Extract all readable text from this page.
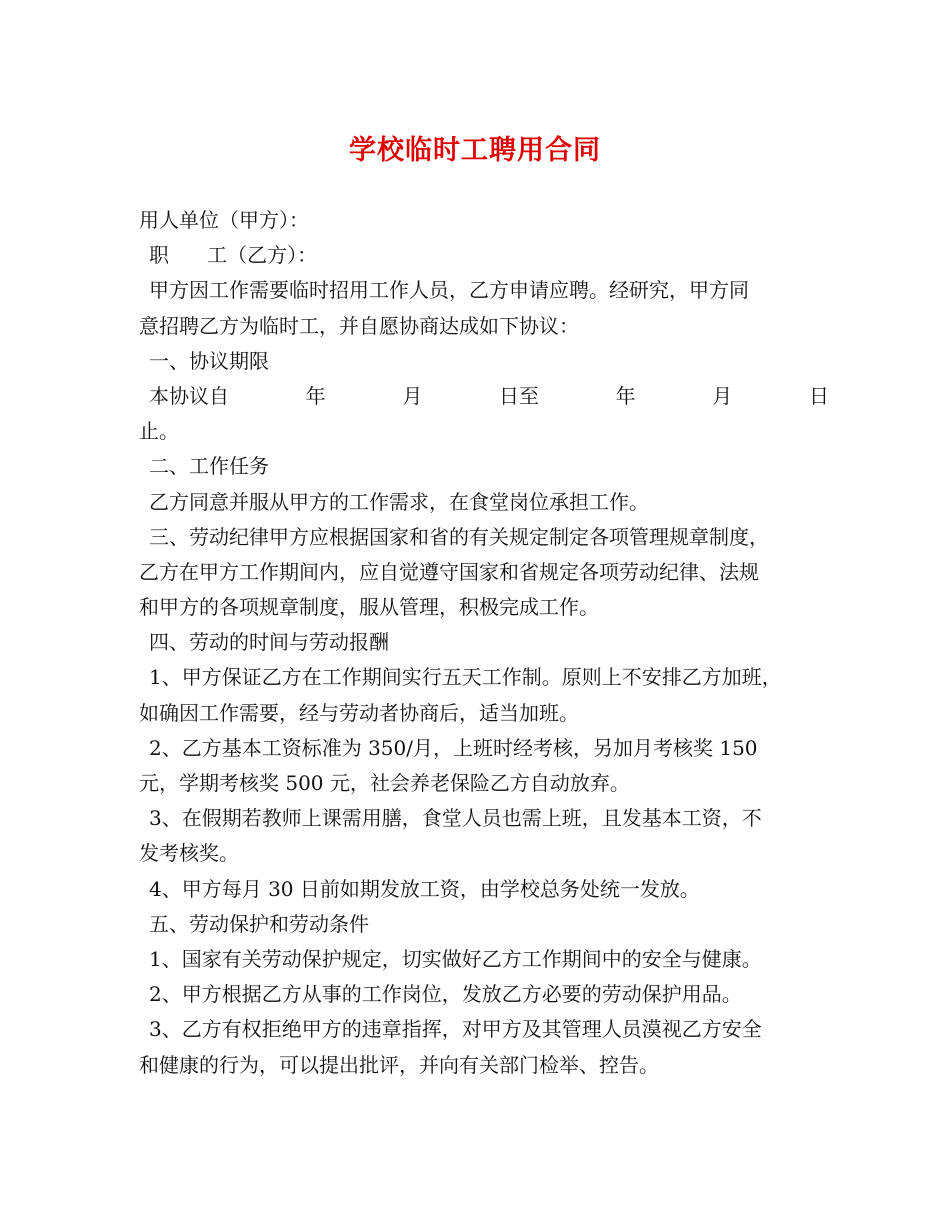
学校临时工聘用合同
用人单位（甲方）：
职      工（乙方）：
甲方因工作需要临时招用工作人员，乙方申请应聘。经研究，甲方同
意招聘乙方为临时工，并自愿协商达成如下协议：
一、协议期限
本协议自	年	月	日至	年	月	日
止。
二、工作任务
乙方同意并服从甲方的工作需求，在食堂岗位承担工作。
三、劳动纪律甲方应根据国家和省的有关规定制定各项管理规章制度，
乙方在甲方工作期间内，应自觉遵守国家和省规定各项劳动纪律、法规
和甲方的各项规章制度，服从管理，积极完成工作。
四、劳动的时间与劳动报酬
1、甲方保证乙方在工作期间实行五天工作制。原则上不安排乙方加班，
如确因工作需要，经与劳动者协商后，适当加班。
2、乙方基本工资标准为 350/月，上班时经考核，另加月考核奖 150
元，学期考核奖 500 元，社会养老保险乙方自动放弃。
3、在假期若教师上课需用膳，食堂人员也需上班，且发基本工资，不
发考核奖。
4、甲方每月 30 日前如期发放工资，由学校总务处统一发放。
五、劳动保护和劳动条件
1、国家有关劳动保护规定，切实做好乙方工作期间中的安全与健康。
2、甲方根据乙方从事的工作岗位，发放乙方必要的劳动保护用品。
3、乙方有权拒绝甲方的违章指挥，对甲方及其管理人员漠视乙方安全
和健康的行为，可以提出批评，并向有关部门检举、控告。
